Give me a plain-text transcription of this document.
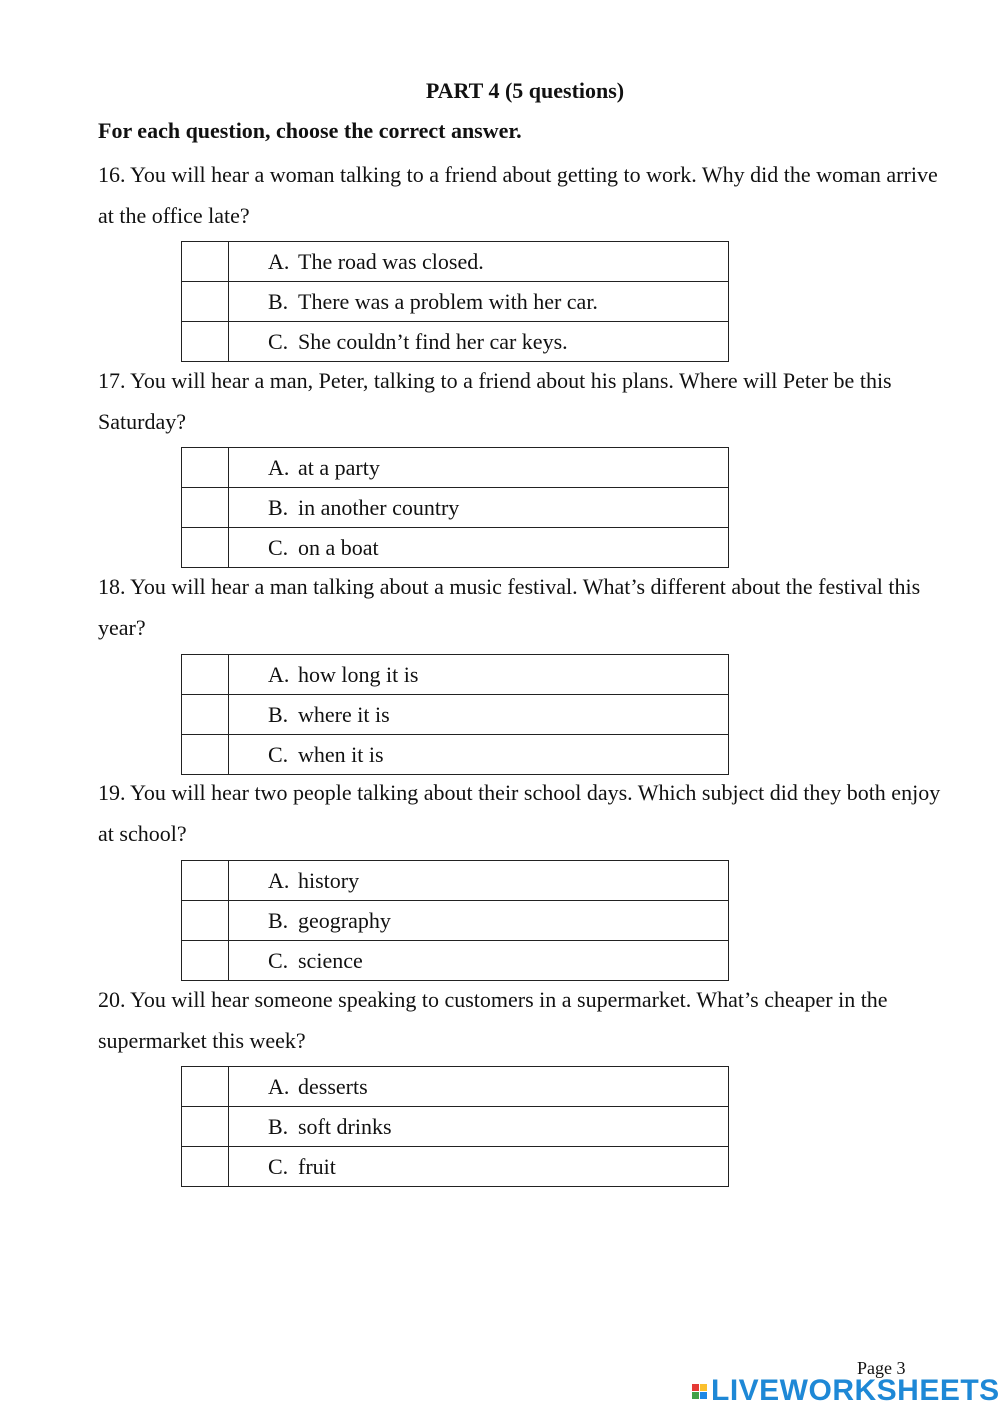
PART 4 (5 questions)
For each question, choose the correct answer.
16. You will hear a woman talking to a friend about getting to work. Why did the woman arrive at the office late?
	A. The road was closed.
	B. There was a problem with her car.
	C. She couldn’t find her car keys.
17. You will hear a man, Peter, talking to a friend about his plans. Where will Peter be this Saturday?
	A. at a party
	B. in another country
	C. on a boat
18. You will hear a man talking about a music festival. What’s different about the festival this year?
	A. how long it is
	B. where it is
	C. when it is
19. You will hear two people talking about their school days. Which subject did they both enjoy at school?
	A. history
	B. geography
	C. science
20. You will hear someone speaking to customers in a supermarket. What’s cheaper in the supermarket this week?
	A. desserts
	B. soft drinks
	C. fruit
Page 3
LIVEWORKSHEETS
